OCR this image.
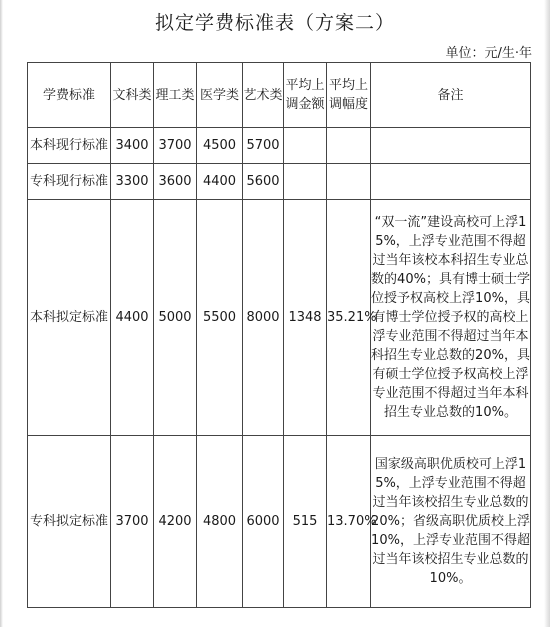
拟定学费标准表（方案二）
单位：元/生·年
学费标准	文科类	理工类	医学类	艺术类	平均上调金额	平均上调幅度	备注
本科现行标准	3400	3700	4500	5700			
专科现行标准	3300	3600	4400	5600			
本科拟定标准	4400	5000	5500	8000	1348	35.21%	“双一流”建设高校可上浮15%，上浮专业范围不得超过当年该校本科招生专业总数的40%；具有博士硕士学位授予权高校上浮10%，具有博士学位授予权的高校上浮专业范围不得超过当年本科招生专业总数的20%，具有硕士学位授予权高校上浮专业范围不得超过当年本科招生专业总数的10%。
专科拟定标准	3700	4200	4800	6000	515	13.70%	国家级高职优质校可上浮15%，上浮专业范围不得超过当年该校招生专业总数的20%；省级高职优质校上浮10%，上浮专业范围不得超过当年该校招生专业总数的10%。
